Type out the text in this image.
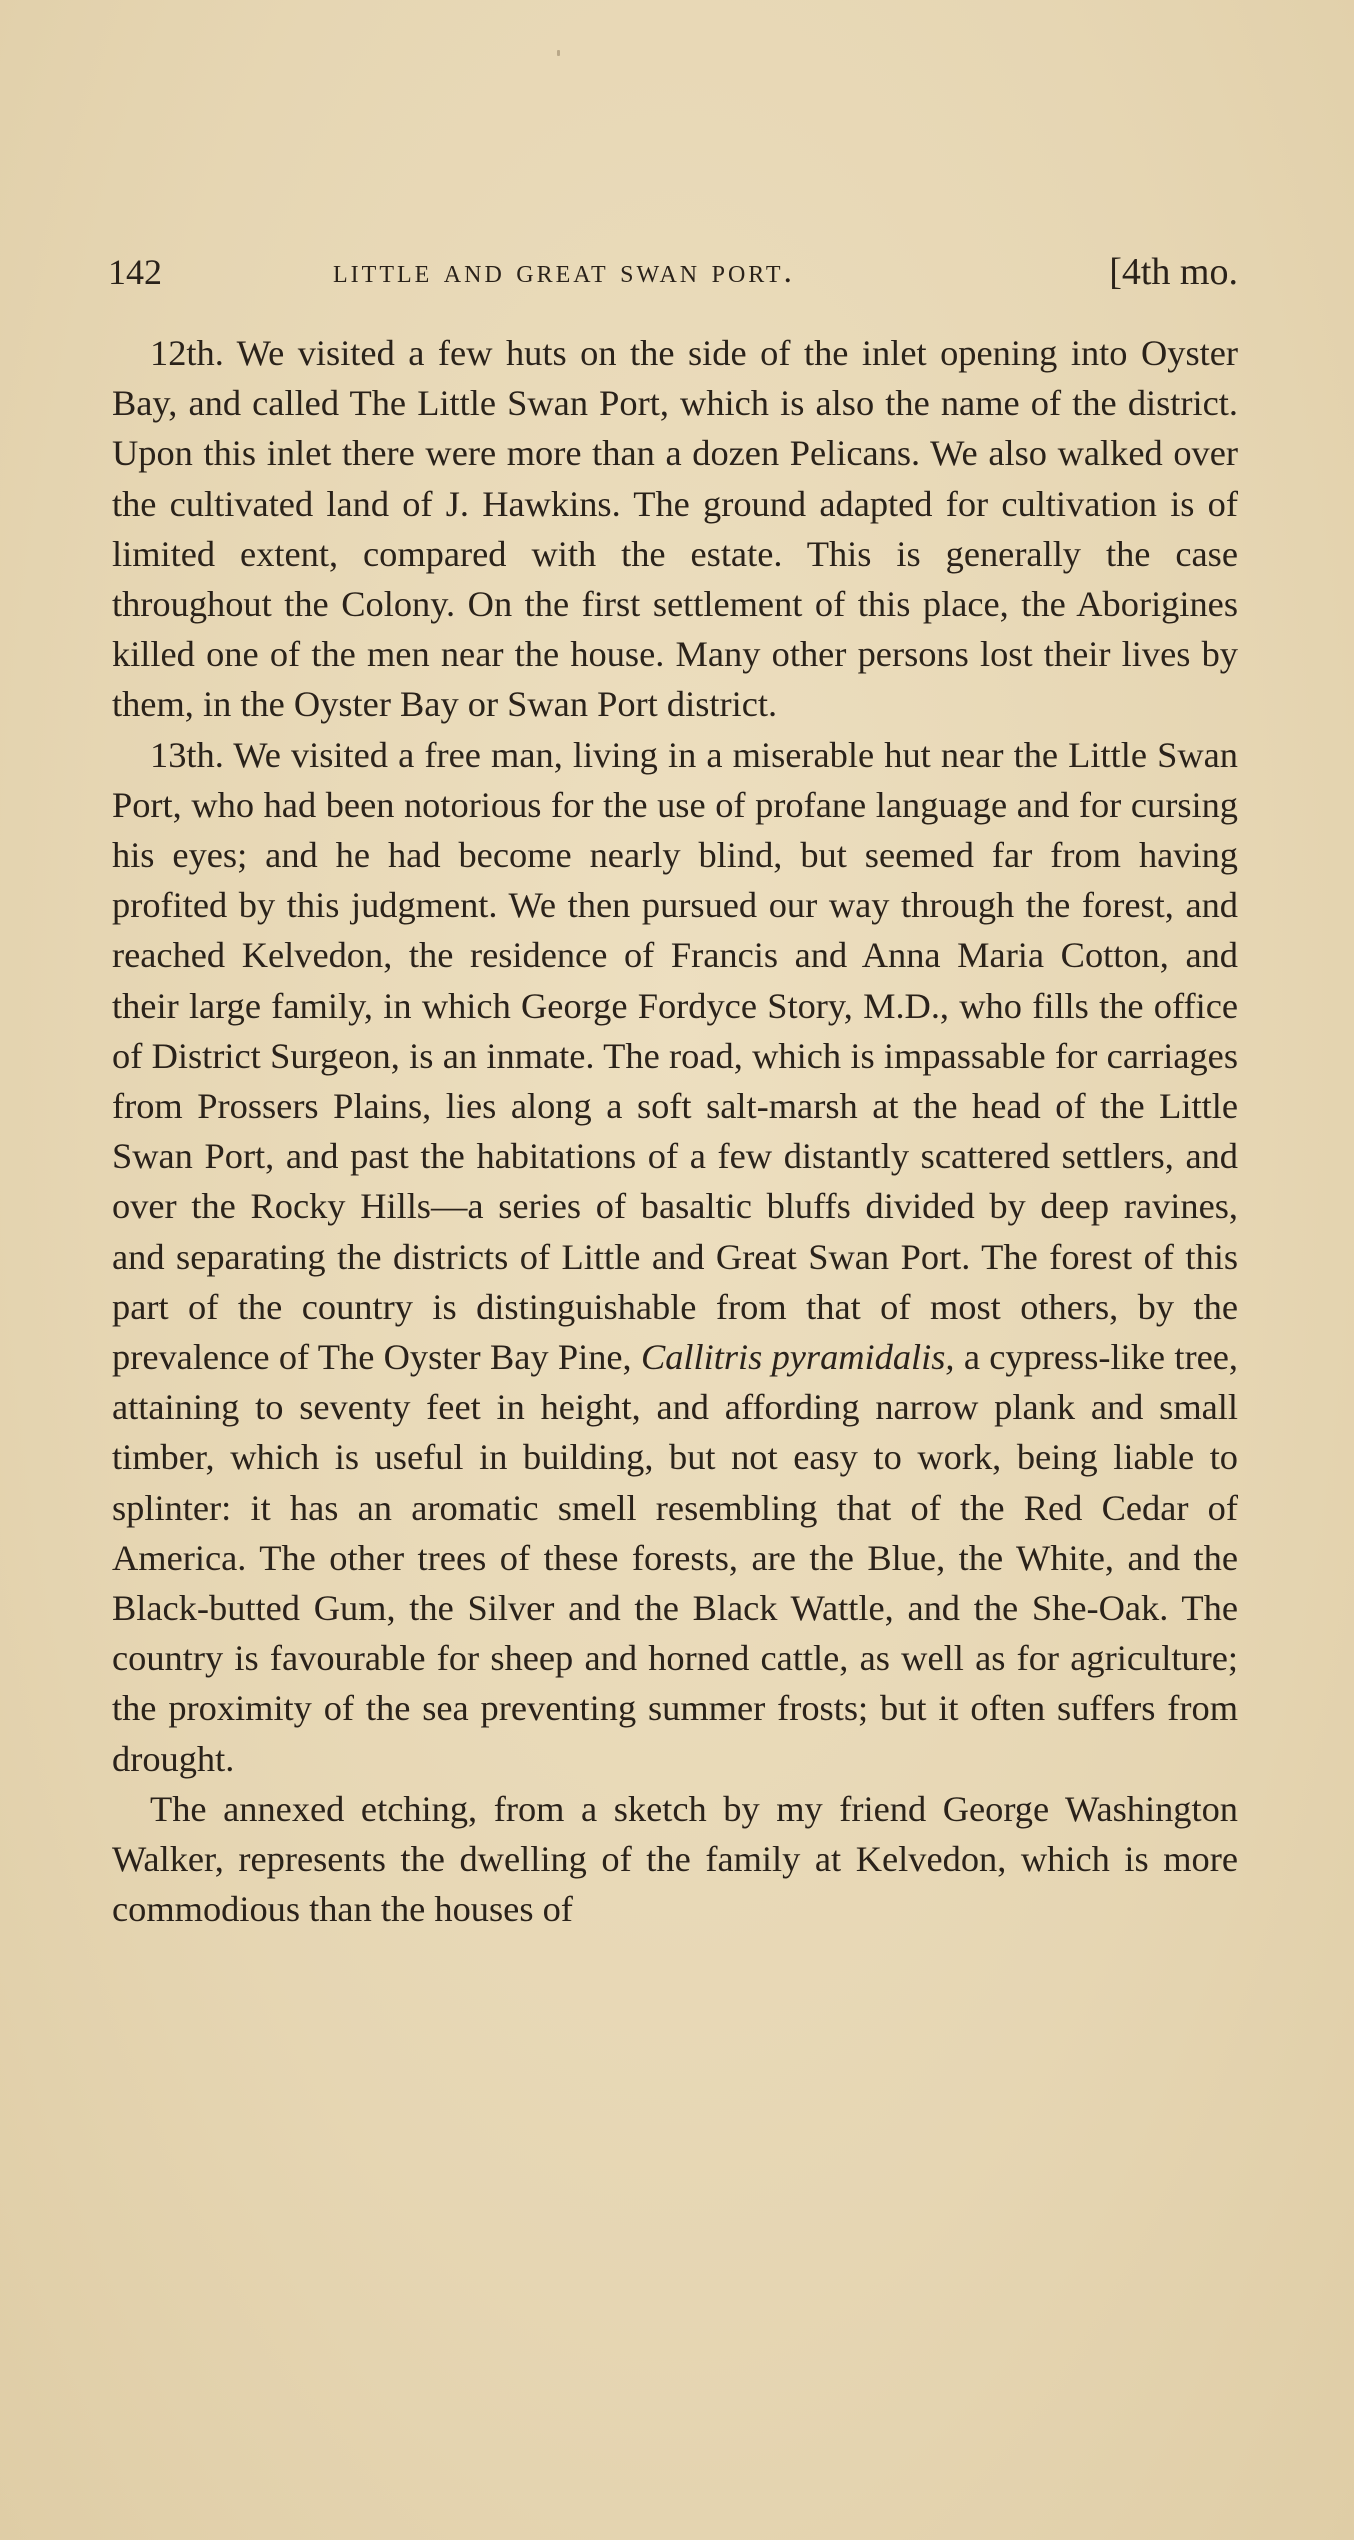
142	little and great swan port.	[4th mo.

12th. We visited a few huts on the side of the inlet opening into Oyster Bay, and called The Little Swan Port, which is also the name of the district. Upon this inlet there were more than a dozen Pelicans. We also walked over the cultivated land of J. Hawkins. The ground adapted for cultivation is of limited extent, compared with the estate. This is generally the case throughout the Colony. On the first settlement of this place, the Aborigines killed one of the men near the house. Many other persons lost their lives by them, in the Oyster Bay or Swan Port district.

13th. We visited a free man, living in a miserable hut near the Little Swan Port, who had been notorious for the use of profane language and for cursing his eyes; and he had become nearly blind, but seemed far from having profited by this judgment. We then pursued our way through the forest, and reached Kelvedon, the residence of Francis and Anna Maria Cotton, and their large family, in which George Fordyce Story, M.D., who fills the office of District Surgeon, is an inmate. The road, which is impassable for carriages from Prossers Plains, lies along a soft salt-marsh at the head of the Little Swan Port, and past the habitations of a few distantly scattered settlers, and over the Rocky Hills—a series of basaltic bluffs divided by deep ravines, and separating the districts of Little and Great Swan Port. The forest of this part of the country is distinguishable from that of most others, by the prevalence of The Oyster Bay Pine, Callitris pyramidalis, a cypress-like tree, attaining to seventy feet in height, and affording narrow plank and small timber, which is useful in building, but not easy to work, being liable to splinter: it has an aromatic smell resembling that of the Red Cedar of America. The other trees of these forests, are the Blue, the White, and the Black-butted Gum, the Silver and the Black Wattle, and the She-Oak. The country is favourable for sheep and horned cattle, as well as for agriculture; the proximity of the sea preventing summer frosts; but it often suffers from drought.

The annexed etching, from a sketch by my friend George Washington Walker, represents the dwelling of the family at Kelvedon, which is more commodious than the houses of
